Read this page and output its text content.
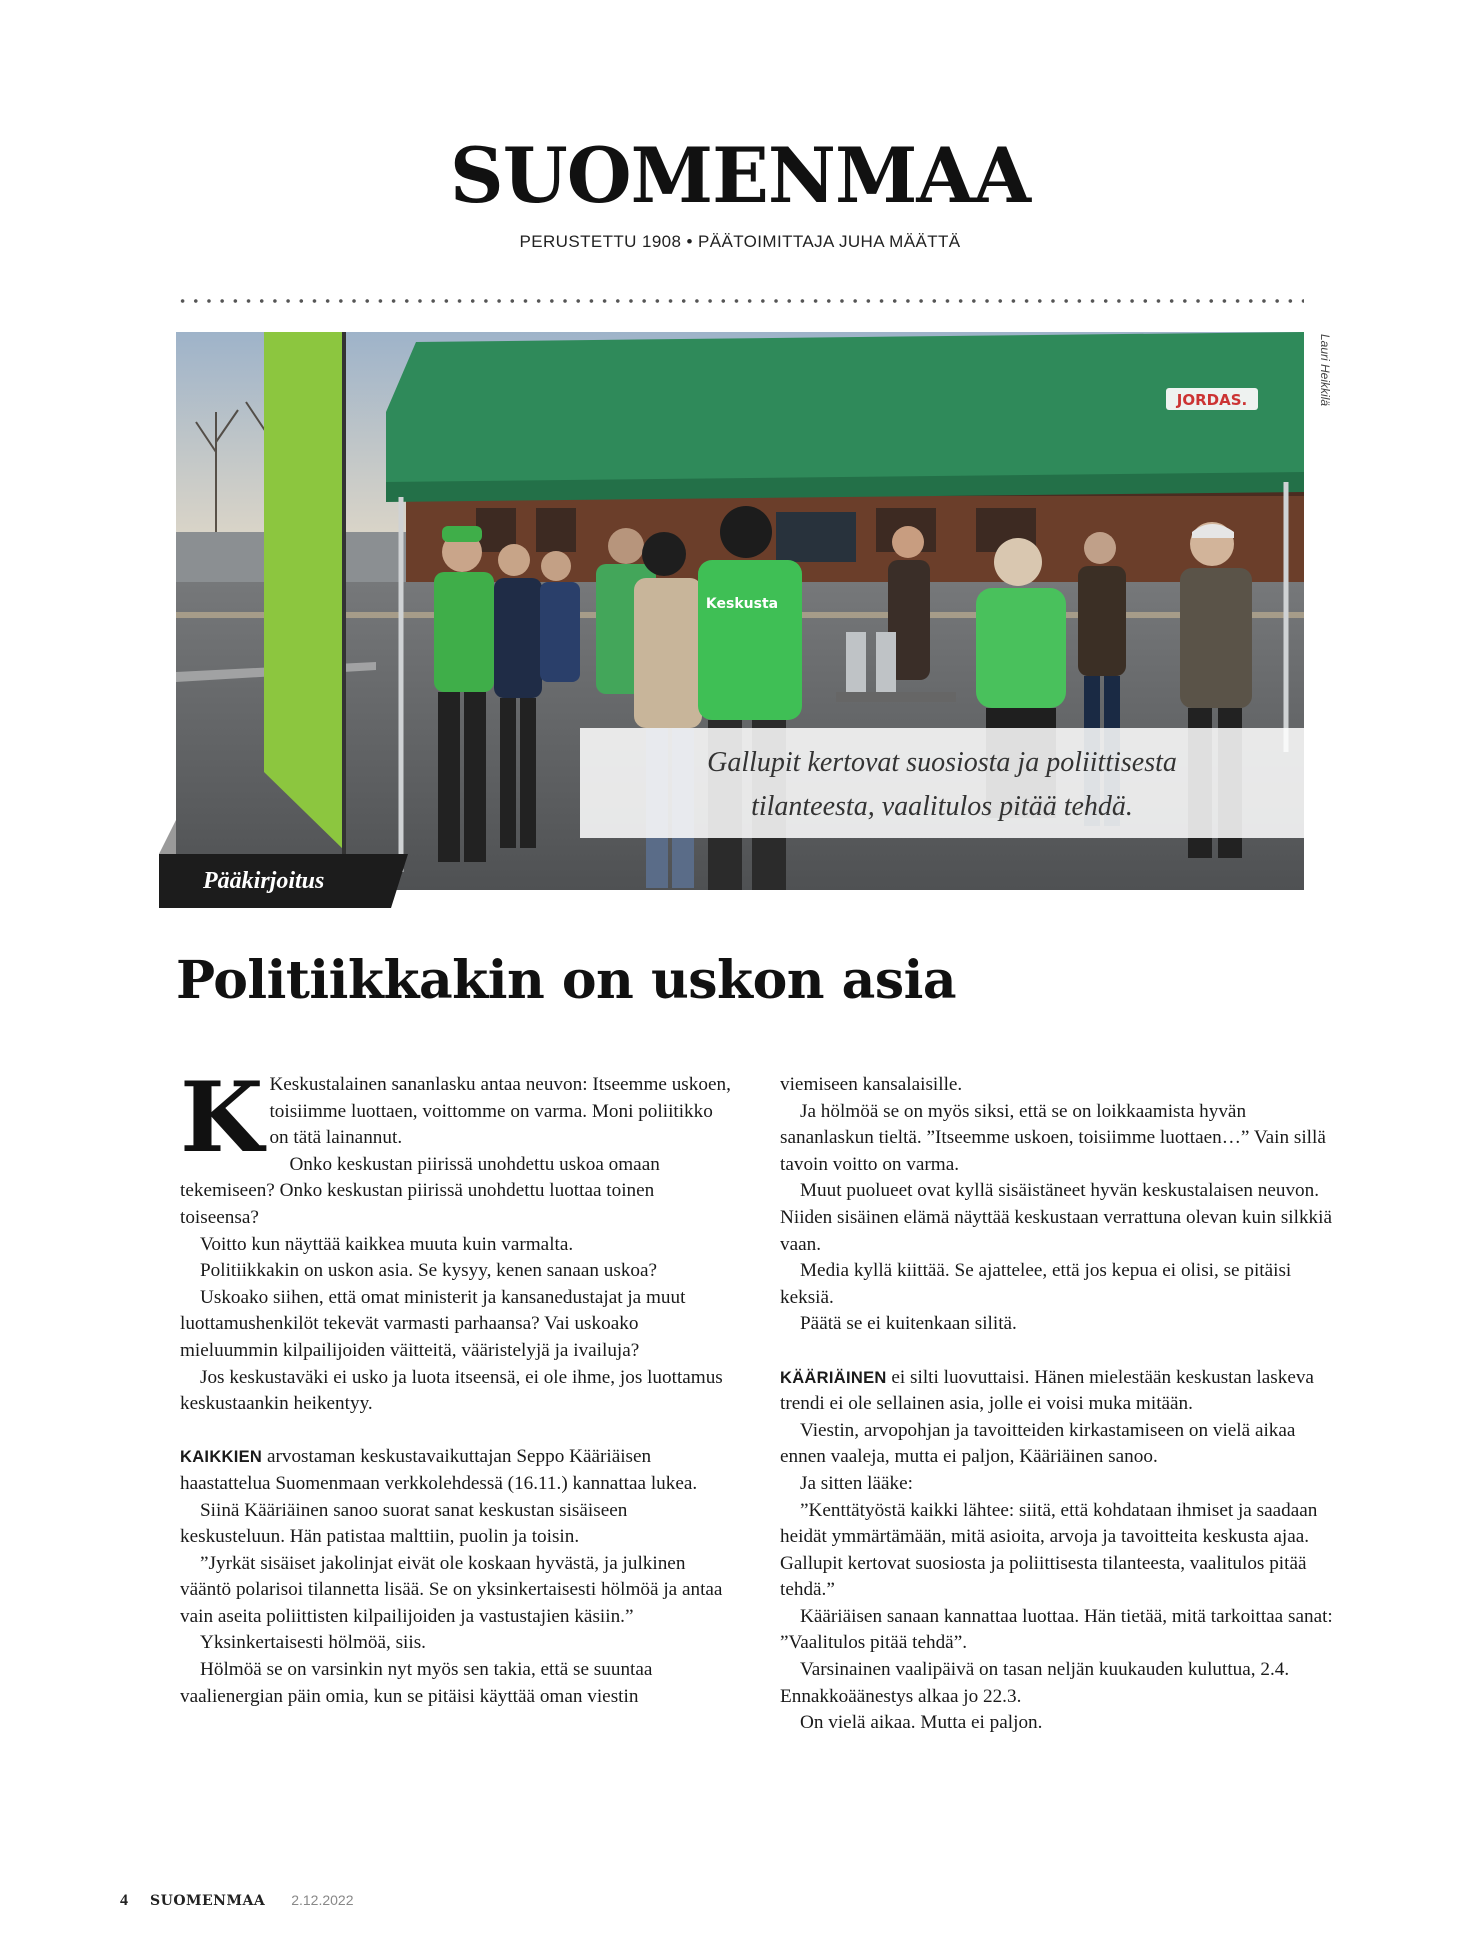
SUOMENMAA
PERUSTETTU 1908 • PÄÄTOIMITTAJA JUHA MÄÄTTÄ
JORDAS.
Keskusta
Lauri Heikkilä
Gallupit kertovat suosiosta ja poliittisesta
tilanteesta, vaalitulos pitää tehdä.
Pääkirjoitus
Politiikkakin on uskon asia

K Keskustalainen sananlasku antaa neuvon: Itseemme uskoen, toisiimme luottaen, voittomme on varma. Moni poliitikko on tätä lainannut.

Onko keskustan piirissä unohdettu uskoa omaan tekemiseen? Onko keskustan piirissä unohdettu luottaa toinen toiseensa?

Voitto kun näyttää kaikkea muuta kuin varmalta.

Politiikkakin on uskon asia. Se kysyy, kenen sanaan uskoa?

Uskoako siihen, että omat ministerit ja kansanedustajat ja muut luottamushenkilöt tekevät varmasti parhaansa? Vai uskoako mieluummin kilpailijoiden väitteitä, vääristelyjä ja ivailuja?

Jos keskustaväki ei usko ja luota itseensä, ei ole ihme, jos luottamus keskustaankin heikentyy.

KAIKKIEN arvostaman keskustavaikuttajan Seppo Kääriäisen haastattelua Suomenmaan verkkolehdessä (16.11.) kannattaa lukea.

Siinä Kääriäinen sanoo suorat sanat keskustan sisäiseen keskusteluun. Hän patistaa malttiin, puolin ja toisin.

”Jyrkät sisäiset jakolinjat eivät ole koskaan hyvästä, ja julkinen vääntö polarisoi tilannetta lisää. Se on yksinkertaisesti hölmöä ja antaa vain aseita poliittisten kilpailijoiden ja vastustajien käsiin.”

Yksinkertaisesti hölmöä, siis.

Hölmöä se on varsinkin nyt myös sen takia, että se suuntaa vaalienergian päin omia, kun se pitäisi käyttää oman viestin

viemiseen kansalaisille.

Ja hölmöä se on myös siksi, että se on loikkaamista hyvän sananlaskun tieltä. ”Itseemme uskoen, toisiimme luottaen…” Vain sillä tavoin voitto on varma.

Muut puolueet ovat kyllä sisäistäneet hyvän keskustalaisen neuvon. Niiden sisäinen elämä näyttää keskustaan verrattuna olevan kuin silkkiä vaan.

Media kyllä kiittää. Se ajattelee, että jos kepua ei olisi, se pitäisi keksiä.

Päätä se ei kuitenkaan silitä.

KÄÄRIÄINEN ei silti luovuttaisi. Hänen mielestään keskustan laskeva trendi ei ole sellainen asia, jolle ei voisi muka mitään.

Viestin, arvopohjan ja tavoitteiden kirkastamiseen on vielä aikaa ennen vaaleja, mutta ei paljon, Kääriäinen sanoo.

Ja sitten lääke:

”Kenttätyöstä kaikki lähtee: siitä, että kohdataan ihmiset ja saadaan heidät ymmärtämään, mitä asioita, arvoja ja tavoitteita keskusta ajaa. Gallupit kertovat suosiosta ja poliittisesta tilanteesta, vaalitulos pitää tehdä.”

Kääriäisen sanaan kannattaa luottaa. Hän tietää, mitä tarkoittaa sanat: ”Vaalitulos pitää tehdä”.

Varsinainen vaalipäivä on tasan neljän kuukauden kuluttua, 2.4. Ennakkoäänestys alkaa jo 22.3.

On vielä aikaa. Mutta ei paljon.

4 SUOMENMAA 2.12.2022
